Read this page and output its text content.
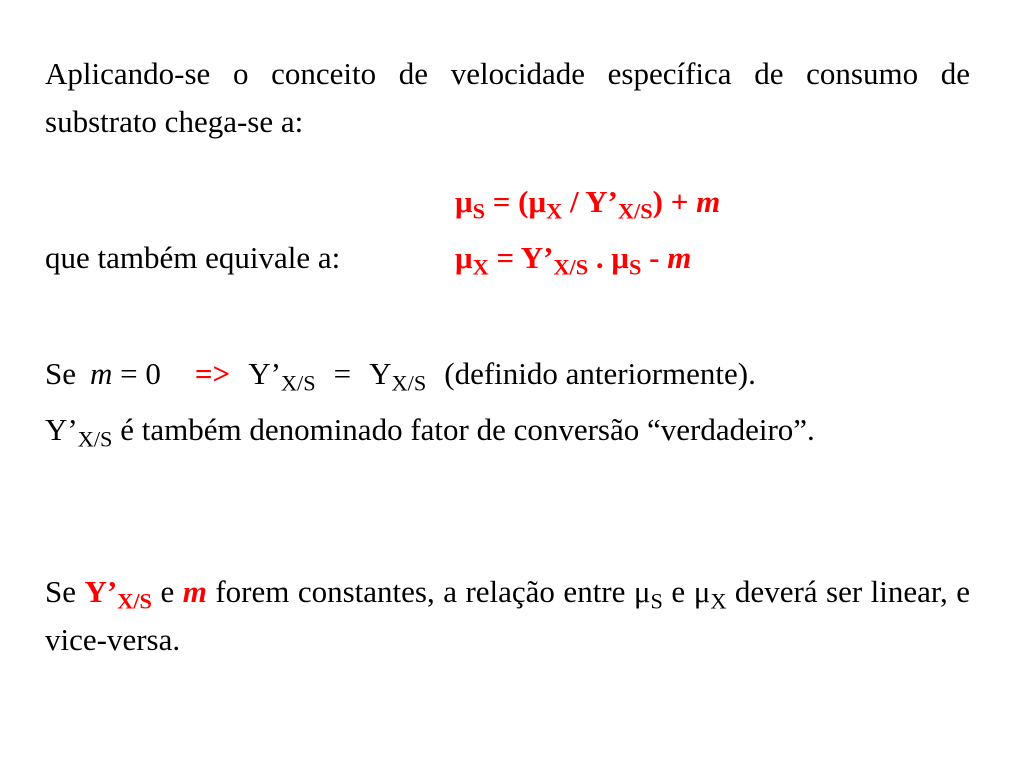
Aplicando-se o conceito de velocidade específica de consumo de substrato chega-se a:
$\mu_S = (\mu_X$ / $Y’_{X/S}) + m$
que também equivale a:	$\mu_X$ = $Y’_{X/S}$ . $\mu_S$ - m
Se $m = 0 => Y’_{X/S} = Y_{X/S}$ (definido anteriormente).
$Y’_{X/S}$ é também denominado fator de conversão “verdadeiro”.
Se $Y’_{X/S}$ e m forem constantes, a relação entre $\mu_S$ e $\mu_X$ deverá ser linear, e vice-versa.
